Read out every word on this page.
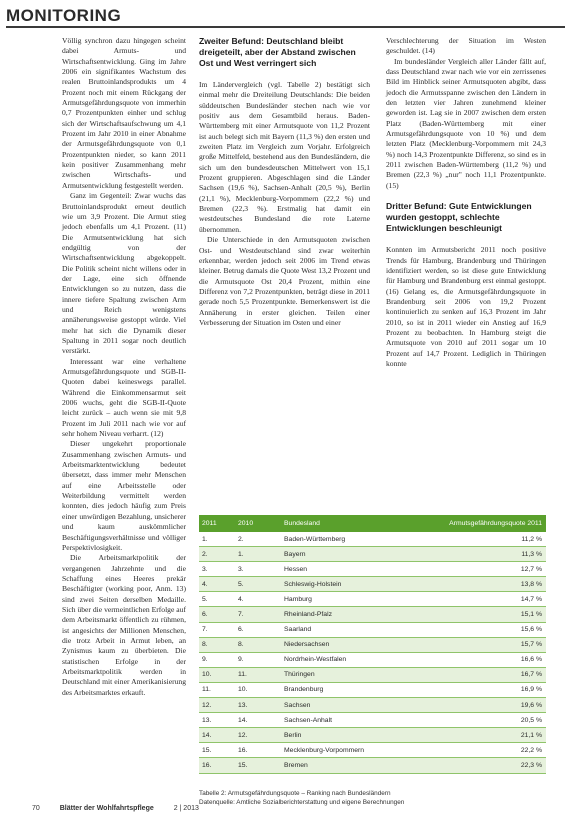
MONITORING

Völlig synchron dazu hingegen scheint dabei Armuts- und Wirtschaftsentwicklung. Ging im Jahre 2006 ein signifikantes Wachstum des realen Bruttoinlandsprodukts um 4 Prozent noch mit einem Rückgang der Armutsgefährdungsquote von immerhin 0,7 Prozentpunkten einher und schlug sich der Wirtschaftsaufschwung um 4,1 Prozent im Jahr 2010 in einer Abnahme der Armutsgefährdungsquote von 0,1 Prozentpunkten nieder, so kann 2011 kein positiver Zusammenhang mehr zwischen Wirtschafts- und Armutsentwicklung festgestellt werden.

Ganz im Gegenteil: Zwar wuchs das Bruttoinlandsprodukt erneut deutlich wie um 3,9 Prozent. Die Armut stieg jedoch ebenfalls um 4,1 Prozent. (11) Die Armutsentwicklung hat sich endgültig von der Wirtschaftsentwicklung abgekoppelt. Die Politik scheint nicht willens oder in der Lage, eine sich öffnende Entwicklungen so zu nutzen, dass die innere tiefere Spaltung zwischen Arm und Reich wenigstens annäherungsweise gestoppt würde. Viel mehr hat sich die Dynamik dieser Spaltung in 2011 sogar noch deutlich verstärkt.

Interessant war eine verhaltene Armutsgefährdungsquote und SGB-II-Quoten dabei keineswegs parallel. Während die Einkommensarmut seit 2006 wuchs, geht die SGB-II-Quote leicht zurück – auch wenn sie mit 9,8 Prozent im Juli 2011 nach wie vor auf sehr hohem Niveau verharrt. (12)

Dieser ungekehrt proportionale Zusammenhang zwischen Armuts- und Arbeitsmarktentwicklung bedeutet übersetzt, dass immer mehr Menschen auf eine Arbeitsstelle oder Weiterbildung vermittelt werden konnten, dies jedoch häufig zum Preis einer unwürdigen Bezahlung, unsicherer und kaum auskömmlicher Beschäftigungsverhältnisse und völliger Perspektivlosigkeit.

Die Arbeitsmarktpolitik der vergangenen Jahrzehnte und die Schaffung eines Heeres prekär Beschäftigter (working poor, Anm. 13) sind zwei Seiten derselben Medaille. Sich über die vermeintlichen Erfolge auf dem Arbeitsmarkt öffentlich zu rühmen, ist angesichts der Millionen Menschen, die trotz Arbeit in Armut leben, an Zynismus kaum zu überbieten. Die statistischen Erfolge in der Arbeitsmarktpolitik werden in Deutschland mit einer Amerikanisierung des Arbeitsmarktes erkauft.

Zweiter Befund: Deutschland bleibt dreigeteilt, aber der Abstand zwischen Ost und West verringert sich

Im Ländervergleich (vgl. Tabelle 2) bestätigt sich einmal mehr die Dreiteilung Deutschlands: Die beiden süddeutschen Bundesländer stechen nach wie vor positiv aus dem Gesamtbild heraus. Baden-Württemberg mit einer Armutsquote von 11,2 Prozent ist auch belegt sich mit Bayern (11,3 %) den ersten und zweiten Platz im Vergleich zum Vorjahr. Erfolgreich große Mittelfeld, bestehend aus den Bundesländern, die sich um den bundesdeutschen Mittelwert von 15,1 Prozent gruppieren. Abgeschlagen sind die Länder Sachsen (19,6 %), Sachsen-Anhalt (20,5 %), Berlin (21,1 %), Mecklenburg-Vorpommern (22,2 %) und Bremen (22,3 %). Erstmalig hat damit ein westdeutsches Bundesland die rote Laterne übernommen.

Die Unterschiede in den Armutsquoten zwischen Ost- und Westdeutschland sind zwar weiterhin erkennbar, werden jedoch seit 2006 im Trend etwas kleiner. Betrug damals die Quote West 13,2 Prozent und die Armutsquote Ost 20,4 Prozent, mithin eine Differenz von 7,2 Prozentpunkten, beträgt diese in 2011 gerade noch 5,5 Prozentpunkte. Bemerkenswert ist die Annäherung in erster gleichen. Teilen einer Verbesserung der Situation im Osten und einer

Verschlechterung der Situation im Westen geschuldet. (14)

Im bundesländer Vergleich aller Länder fällt auf, dass Deutschland zwar nach wie vor ein zerrissenes Bild im Hinblick seiner Armutsquoten abgibt, dass jedoch die Armutsspanne zwischen den Ländern in den letzten vier Jahren zunehmend kleiner geworden ist. Lag sie in 2007 zwischen dem ersten Platz (Baden-Württemberg mit einer Armutsgefährdungsquote von 10 %) und dem letzten Platz (Mecklenburg-Vorpommern mit 24,3 %) noch 14,3 Prozentpunkte Differenz, so sind es in 2011 zwischen Baden-Württemberg (11,2 %) und Bremen (22,3 %) „nur" noch 11,1 Prozentpunkte. (15)

Dritter Befund: Gute Entwicklungen wurden gestoppt, schlechte Entwicklungen beschleunigt

Konnten im Armutsbericht 2011 noch positive Trends für Hamburg, Brandenburg und Thüringen identifiziert werden, so ist diese gute Entwicklung für Hamburg und Brandenburg erst einmal gestoppt. (16) Gelang es, die Armutsgefährdungsquote in Brandenburg seit 2006 von 19,2 Prozent kontinuierlich zu senken auf 16,3 Prozent im Jahr 2010, so ist in 2011 wieder ein Anstieg auf 16,9 Prozent zu beobachten. In Hamburg steigt die Armutsquote von 2010 auf 2011 sogar um 10 Prozent auf 14,7 Prozent. Lediglich in Thüringen konnte

2011	2010	Bundesland	Armutsgefährdungsquote 2011
1.	2.	Baden-Württemberg	11,2 %
2.	1.	Bayern	11,3 %
3.	3.	Hessen	12,7 %
4.	5.	Schleswig-Holstein	13,8 %
5.	4.	Hamburg	14,7 %
6.	7.	Rheinland-Pfalz	15,1 %
7.	6.	Saarland	15,6 %
8.	8.	Niedersachsen	15,7 %
9.	9.	Nordrhein-Westfalen	16,6 %
10.	11.	Thüringen	16,7 %
11.	10.	Brandenburg	16,9 %
12.	13.	Sachsen	19,6 %
13.	14.	Sachsen-Anhalt	20,5 %
14.	12.	Berlin	21,1 %
15.	16.	Mecklenburg-Vorpommern	22,2 %
16.	15.	Bremen	22,3 %
Tabelle 2: Armutsgefährdungsquote – Ranking nach Bundesländern
Datenquelle: Amtliche Sozialberichterstattung und eigene Berechnungen
70	Blätter der Wohlfahrtspflege	2 | 2013
